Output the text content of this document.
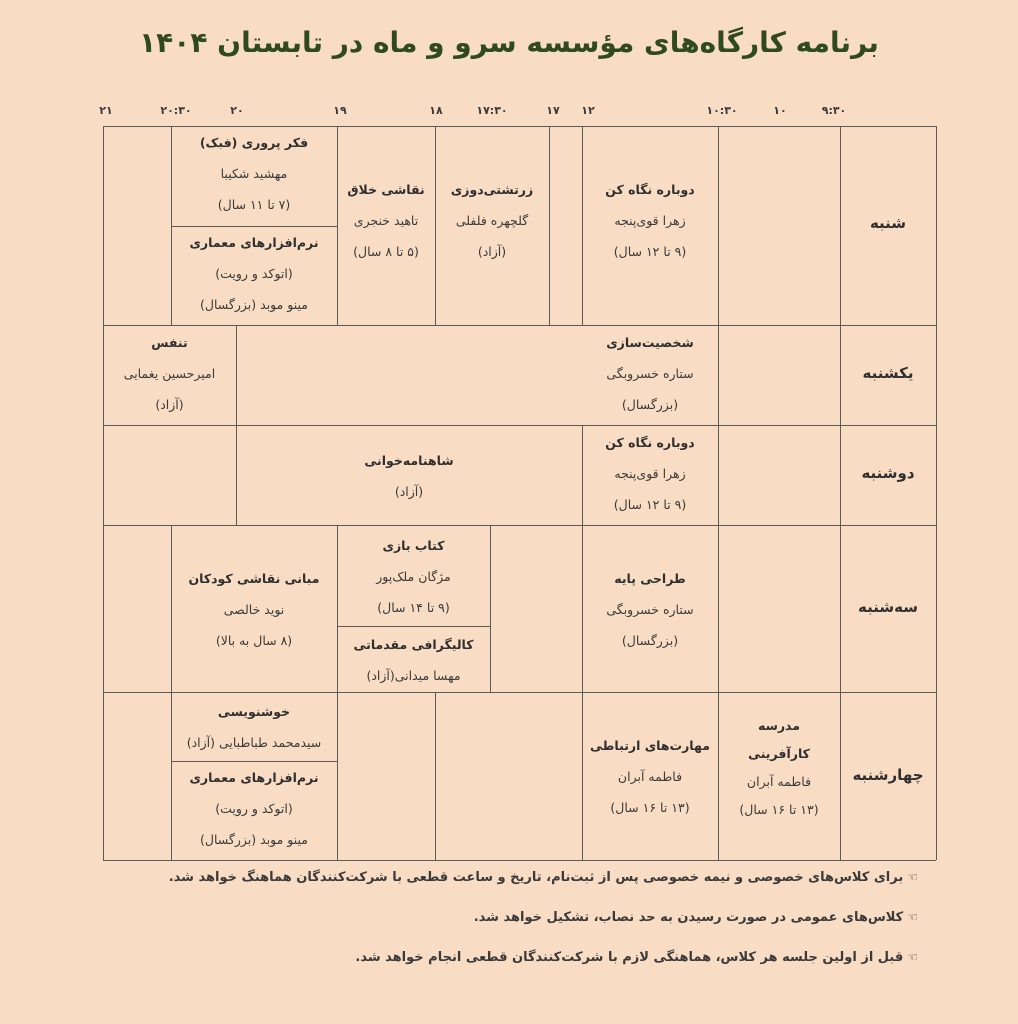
برنامه کارگاه‌های مؤسسه سرو و ماه در تابستان ۱۴۰۴
۹:۳۰
۱۰
۱۰:۳۰
۱۲
۱۷
۱۷:۳۰
۱۸
۱۹
۲۰
۲۰:۳۰
۲۱
شنبه
یکشنبه
دوشنبه
سه‌شنبه
چهارشنبه
دوباره نگاه کن
زهرا قوی‌پنجه
(۹ تا ۱۲ سال)
زرتشتی‌دوزی
گلچهره فلفلی
(آزاد)
نقاشی خلاق
تاهید خنجری
(۵ تا ۸ سال)
فکر پروری (فبک)
مهشید شکیبا
(۷ تا ۱۱ سال)
نرم‌افزارهای معماری
(اتوکد و رویت)
مینو موبد (بزرگسال)
شخصیت‌سازی
ستاره خسروبگی
(بزرگسال)
تنفس
امیرحسین یغمایی
(آزاد)
دوباره نگاه کن
زهرا قوی‌پنجه
(۹ تا ۱۲ سال)
شاهنامه‌خوانی
(آزاد)
طراحی پایه
ستاره خسروبگی
(بزرگسال)
کتاب بازی
مژگان ملک‌پور
(۹ تا ۱۴ سال)
کالیگرافی مقدماتی
مهسا میدانی(آزاد)
مبانی نقاشی کودکان
نوید خالصی
(۸ سال به بالا)
مدرسه
کارآفرینی
فاطمه آبران
(۱۳ تا ۱۶ سال)
مهارت‌های ارتباطی
فاطمه آبران
(۱۳ تا ۱۶ سال)
خوشنویسی
سیدمحمد طباطبایی (آزاد)
نرم‌افزارهای معماری
(اتوکد و رویت)
مینو موبد (بزرگسال)
☜برای کلاس‌های خصوصی و نیمه خصوصی پس از ثبت‌نام، تاریخ و ساعت قطعی با شرکت‌کنندگان هماهنگ خواهد شد.
☜کلاس‌های عمومی در صورت رسیدن به حد نصاب، تشکیل خواهد شد.
☜قبل از اولین جلسه هر کلاس، هماهنگی لازم با شرکت‌کنندگان قطعی انجام خواهد شد.
